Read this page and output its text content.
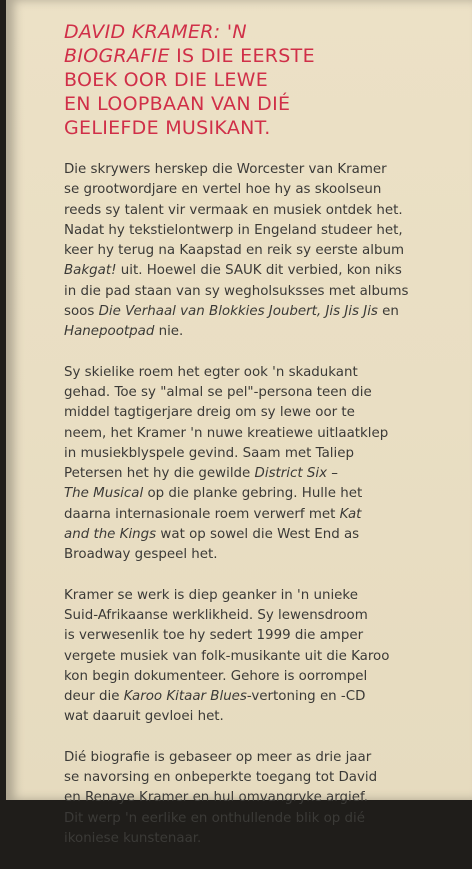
DAVID KRAMER: 'N
BIOGRAFIE IS DIE EERSTE
BOEK OOR DIE LEWE
EN LOOPBAAN VAN DIÉ
GELIEFDE MUSIKANT.
Die skrywers herskep die Worcester van Kramer
se grootwordjare en vertel hoe hy as skoolseun
reeds sy talent vir vermaak en musiek ontdek het.
Nadat hy tekstielontwerp in Engeland studeer het,
keer hy terug na Kaapstad en reik sy eerste album
Bakgat! uit. Hoewel die SAUK dit verbied, kon niks
in die pad staan van sy wegholsuksses met albums
soos Die Verhaal van Blokkies Joubert, Jis Jis Jis en
Hanepootpad nie.
Sy skielike roem het egter ook 'n skadukant
gehad. Toe sy "almal se pel"-persona teen die
middel tagtigerjare dreig om sy lewe oor te
neem, het Kramer 'n nuwe kreatiewe uitlaatklep
in musiekblyspele gevind. Saam met Taliep
Petersen het hy die gewilde District Six –
The Musical op die planke gebring. Hulle het
daarna internasionale roem verwerf met Kat
and the Kings wat op sowel die West End as
Broadway gespeel het.
Kramer se werk is diep geanker in 'n unieke
Suid-Afrikaanse werklikheid. Sy lewensdroom
is verwesenlik toe hy sedert 1999 die amper
vergete musiek van folk-musikante uit die Karoo
kon begin dokumenteer. Gehore is oorrompel
deur die Karoo Kitaar Blues-vertoning en -CD
wat daaruit gevloei het.
Dié biografie is gebaseer op meer as drie jaar
se navorsing en onbeperkte toegang tot David
en Renaye Kramer en hul omvangryke argief.
Dit werp 'n eerlike en onthullende blik op dié
ikoniese kunstenaar.
